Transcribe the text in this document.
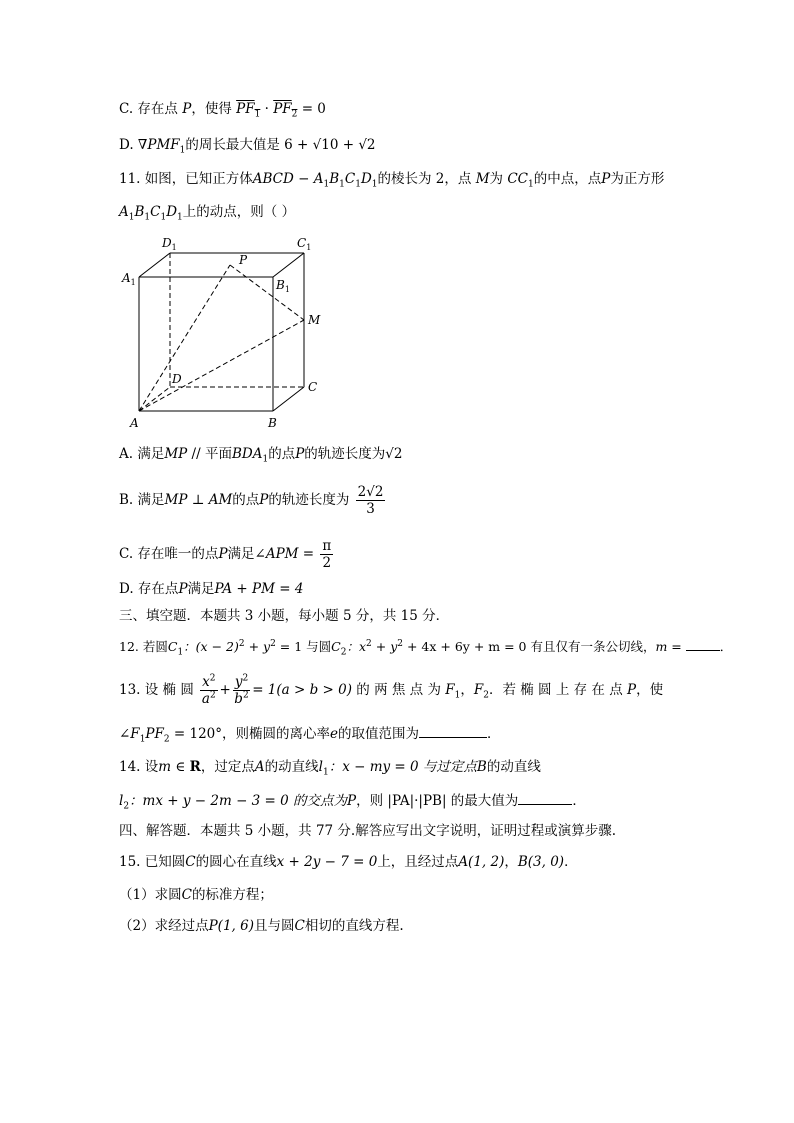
C. 存在点 P，使得 $PF_1 \cdot PF_2 = 0$
D. $\nabla PMF_1$的周长最大值是 6 + √10 + √2
11. 如图，已知正方体ABCD − $A_1B_1C_1D_1$的棱长为 2，点 M为 $CC_1$的中点，点P为正方形
$A_1B_1C_1D_1$上的动点，则（ ）
$D_1$	$C_1$
$A_1$	$B_1$
P
M
D
C
A	B
A. 满足MP // 平面$BDA_1$的点P的轨迹长度为√2
B. 满足MP ⊥ AM的点P的轨迹长度为 $\frac{2√2}{3}$
C. 存在唯一的点P满足∠APM = $\frac{\pi}{2}$
D. 存在点P满足PA + PM = 4
三、填空题．本题共 3 小题，每小题 5 分，共 15 分．
12. 若圆$C_1$：$(x - 2)^2 + y^2 = 1$ 与圆$C_2$：$x^2 + y^2 + 4x + 6y + m = 0$ 有且仅有一条公切线，m =	．
13. 设 椭 圆 $\frac{x^2}{a^2} + \frac{y^2}{b^2} = 1(a > b > 0)$ 的 两 焦 点 为 $F_1$，$F_2$．若 椭 圆 上 存 在 点 P，使
$\angle F_1PF_2 = 120^\circ$，则椭圆的离心率e的取值范围为	．
14. 设m ∈ R，过定点A的动直线$l_1$：x − my = 0 与过定点B的动直线
$l_2$：mx + y − 2m − 3 = 0 的交点为P，则 |PA|·|PB| 的最大值为	．
四、解答题．本题共 5 小题，共 77 分.解答应写出文字说明，证明过程或演算步骤.
15. 已知圆C的圆心在直线x + 2y − 7 = 0上，且经过点A(1, 2)，B(3, 0)．
（1）求圆C的标准方程；
（2）求经过点P(1, 6)且与圆C相切的直线方程.
